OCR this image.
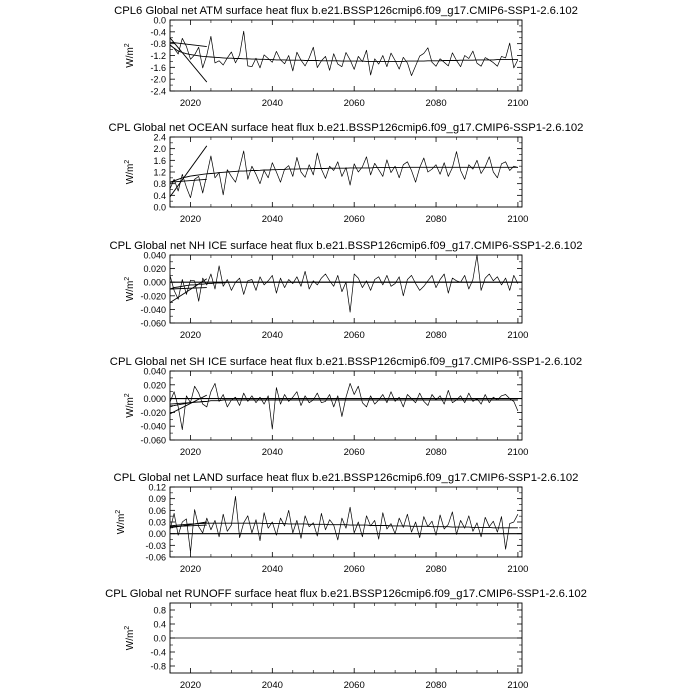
CPL6 Global net ATM surface heat flux b.e21.BSSP126cmip6.f09_g17.CMIP6-SSP1-2.6.102
$W/m^2$
-2.4
-2.0
-1.6
-1.2
-0.8
-0.4
0.0
2020	2040	2060	2080	2100
CPL Global net OCEAN surface heat flux b.e21.BSSP126cmip6.f09_g17.CMIP6-SSP1-2.6.102
$W/m^2$
0.0
0.4
0.8
1.2
1.6
2.0
2.4
2020	2040	2060	2080	2100
CPL Global net NH ICE surface heat flux b.e21.BSSP126cmip6.f09_g17.CMIP6-SSP1-2.6.102
$W/m^2$
-0.060
-0.040
-0.020
0.000
0.020
0.040
2020	2040	2060	2080	2100
CPL Global net SH ICE surface heat flux b.e21.BSSP126cmip6.f09_g17.CMIP6-SSP1-2.6.102
$W/m^2$
-0.060
-0.040
-0.020
0.000
0.020
0.040
2020	2040	2060	2080	2100
CPL Global net LAND surface heat flux b.e21.BSSP126cmip6.f09_g17.CMIP6-SSP1-2.6.102
$W/m^2$
-0.06
-0.03
0.00
0.03
0.06
0.09
0.12
2020	2040	2060	2080	2100
CPL Global net RUNOFF surface heat flux b.e21.BSSP126cmip6.f09_g17.CMIP6-SSP1-2.6.102
$W/m^2$
-0.8
-0.4
0.0
0.4
0.8
2020	2040	2060	2080	2100
